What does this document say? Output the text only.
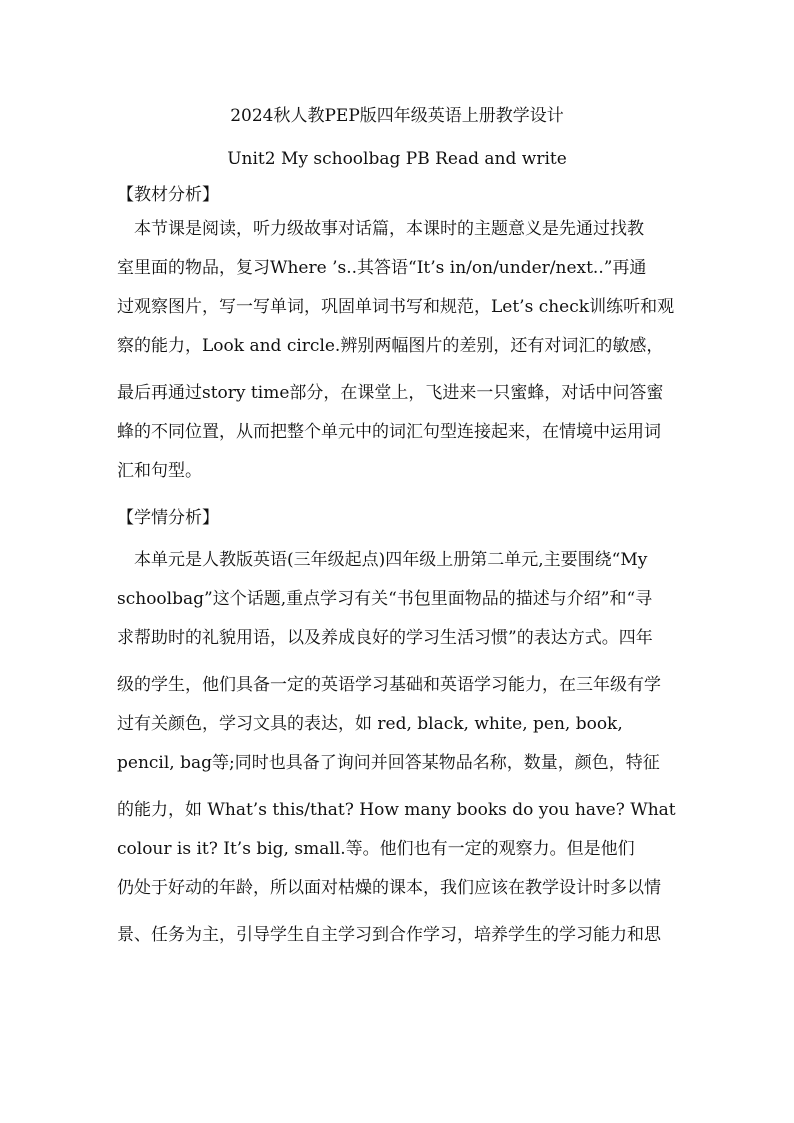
2024秋人教PEP版四年级英语上册教学设计
Unit2 My schoolbag PB Read and write
【教材分析】
本节课是阅读，听力级故事对话篇，本课时的主题意义是先通过找教
室里面的物品，复习Where ’s..其答语“It’s in/on/under/next..”再通
过观察图片，写一写单词，巩固单词书写和规范，Let’s check训练听和观
察的能力，Look and circle.辨别两幅图片的差别，还有对词汇的敏感，
最后再通过story time部分，在课堂上，飞进来一只蜜蜂，对话中问答蜜
蜂的不同位置，从而把整个单元中的词汇句型连接起来，在情境中运用词
汇和句型。
【学情分析】
本单元是人教版英语(三年级起点)四年级上册第二单元,主要围绕“My
schoolbag”这个话题,重点学习有关“书包里面物品的描述与介绍”和“寻
求帮助时的礼貌用语，以及养成良好的学习生活习惯”的表达方式。四年
级的学生，他们具备一定的英语学习基础和英语学习能力，在三年级有学
过有关颜色，学习文具的表达，如 red, black, white, pen, book,
pencil, bag等;同时也具备了询问并回答某物品名称，数量，颜色，特征
的能力，如 What’s this/that? How many books do you have? What
colour is it? It’s big, small.等。他们也有一定的观察力。但是他们
仍处于好动的年龄，所以面对枯燥的课本，我们应该在教学设计时多以情
景、任务为主，引导学生自主学习到合作学习，培养学生的学习能力和思
